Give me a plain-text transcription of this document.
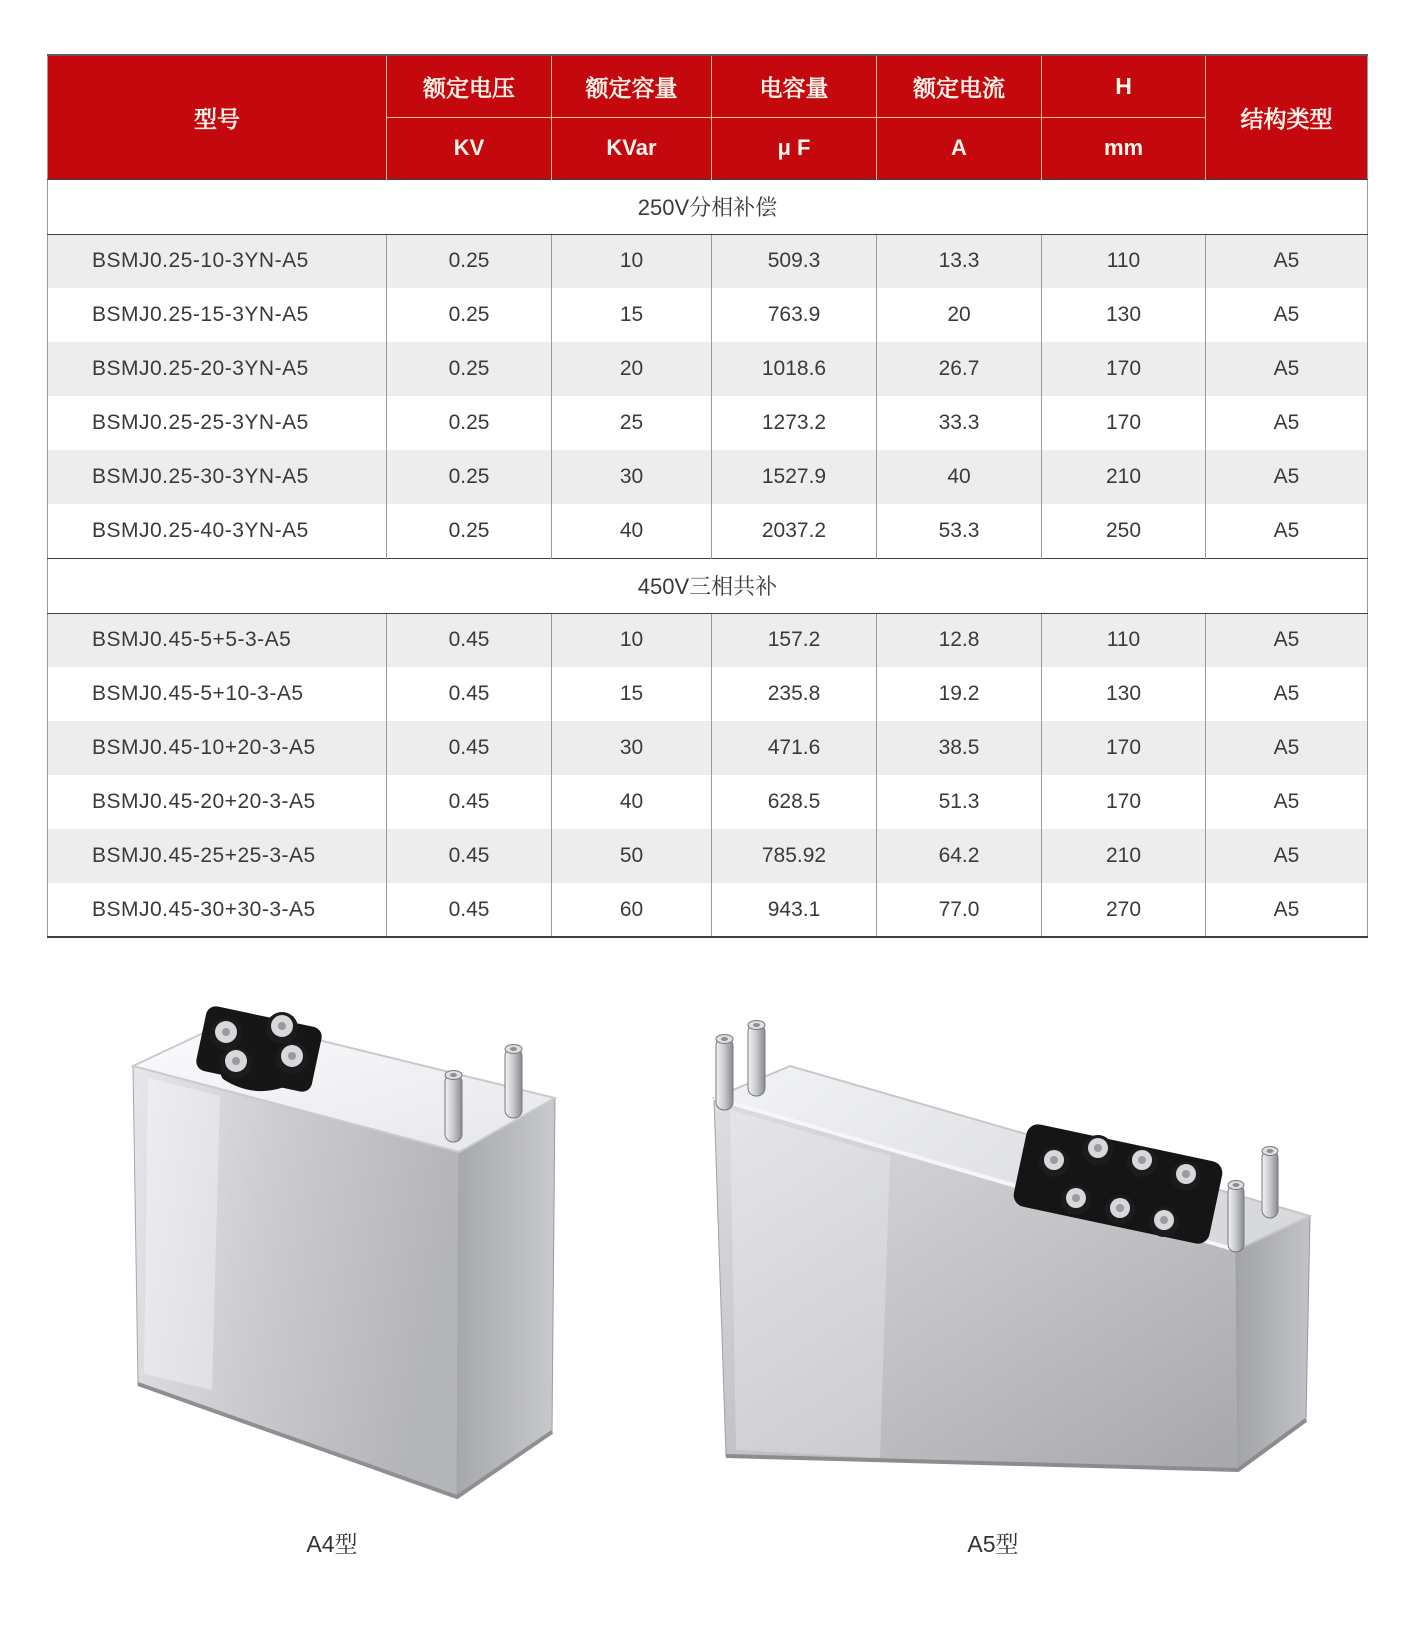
型号	额定电压	额定容量	电容量	额定电流	H	结构类型
	KV	KVar	μ F	A	mm	
250V分相补偿						
BSMJ0.25-10-3YN-A5	0.25	10	509.3	13.3	110	A5
BSMJ0.25-15-3YN-A5	0.25	15	763.9	20	130	A5
BSMJ0.25-20-3YN-A5	0.25	20	1018.6	26.7	170	A5
BSMJ0.25-25-3YN-A5	0.25	25	1273.2	33.3	170	A5
BSMJ0.25-30-3YN-A5	0.25	30	1527.9	40	210	A5
BSMJ0.25-40-3YN-A5	0.25	40	2037.2	53.3	250	A5
450V三相共补						
BSMJ0.45-5+5-3-A5	0.45	10	157.2	12.8	110	A5
BSMJ0.45-5+10-3-A5	0.45	15	235.8	19.2	130	A5
BSMJ0.45-10+20-3-A5	0.45	30	471.6	38.5	170	A5
BSMJ0.45-20+20-3-A5	0.45	40	628.5	51.3	170	A5
BSMJ0.45-25+25-3-A5	0.45	50	785.92	64.2	210	A5
BSMJ0.45-30+30-3-A5	0.45	60	943.1	77.0	270	A5
A4型	A5型
